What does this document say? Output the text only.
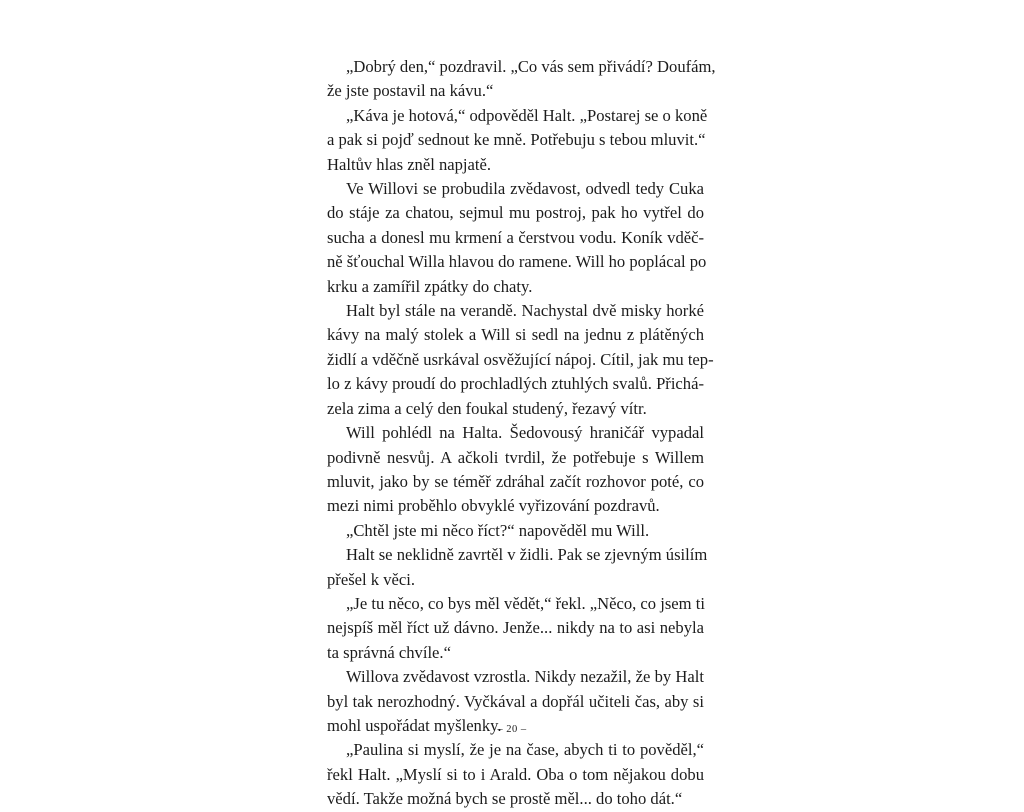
„Dobrý den,“ pozdravil. „Co vás sem přivádí? Doufám,
že jste postavil na kávu.“
„Káva je hotová,“ odpověděl Halt. „Postarej se o koně
a pak si pojď sednout ke mně. Potřebuju s tebou mluvit.“
Haltův hlas zněl napjatě.
Ve Willovi se probudila zvědavost, odvedl tedy Cuka
do stáje za chatou, sejmul mu postroj, pak ho vytřel do
sucha a donesl mu krmení a čerstvou vodu. Koník vděč-
ně šťouchal Willa hlavou do ramene. Will ho poplácal po
krku a zamířil zpátky do chaty.
Halt byl stále na verandě. Nachystal dvě misky horké
kávy na malý stolek a Will si sedl na jednu z plátěných
židlí a vděčně usrkával osvěžující nápoj. Cítil, jak mu tep-
lo z kávy proudí do prochladlých ztuhlých svalů. Přichá-
zela zima a celý den foukal studený, řezavý vítr.
Will pohlédl na Halta. Šedovousý hraničář vypadal
podivně nesvůj. A ačkoli tvrdil, že potřebuje s Willem
mluvit, jako by se téměř zdráhal začít rozhovor poté, co
mezi nimi proběhlo obvyklé vyřizování pozdravů.
„Chtěl jste mi něco říct?“ napověděl mu Will.
Halt se neklidně zavrtěl v židli. Pak se zjevným úsilím
přešel k věci.
„Je tu něco, co bys měl vědět,“ řekl. „Něco, co jsem ti
nejspíš měl říct už dávno. Jenže... nikdy na to asi nebyla
ta správná chvíle.“
Willova zvědavost vzrostla. Nikdy nezažil, že by Halt
byl tak nerozhodný. Vyčkával a dopřál učiteli čas, aby si
mohl uspořádat myšlenky.
„Paulina si myslí, že je na čase, abych ti to pověděl,“
řekl Halt. „Myslí si to i Arald. Oba o tom nějakou dobu
vědí. Takže možná bych se prostě měl... do toho dát.“
– 20 –
